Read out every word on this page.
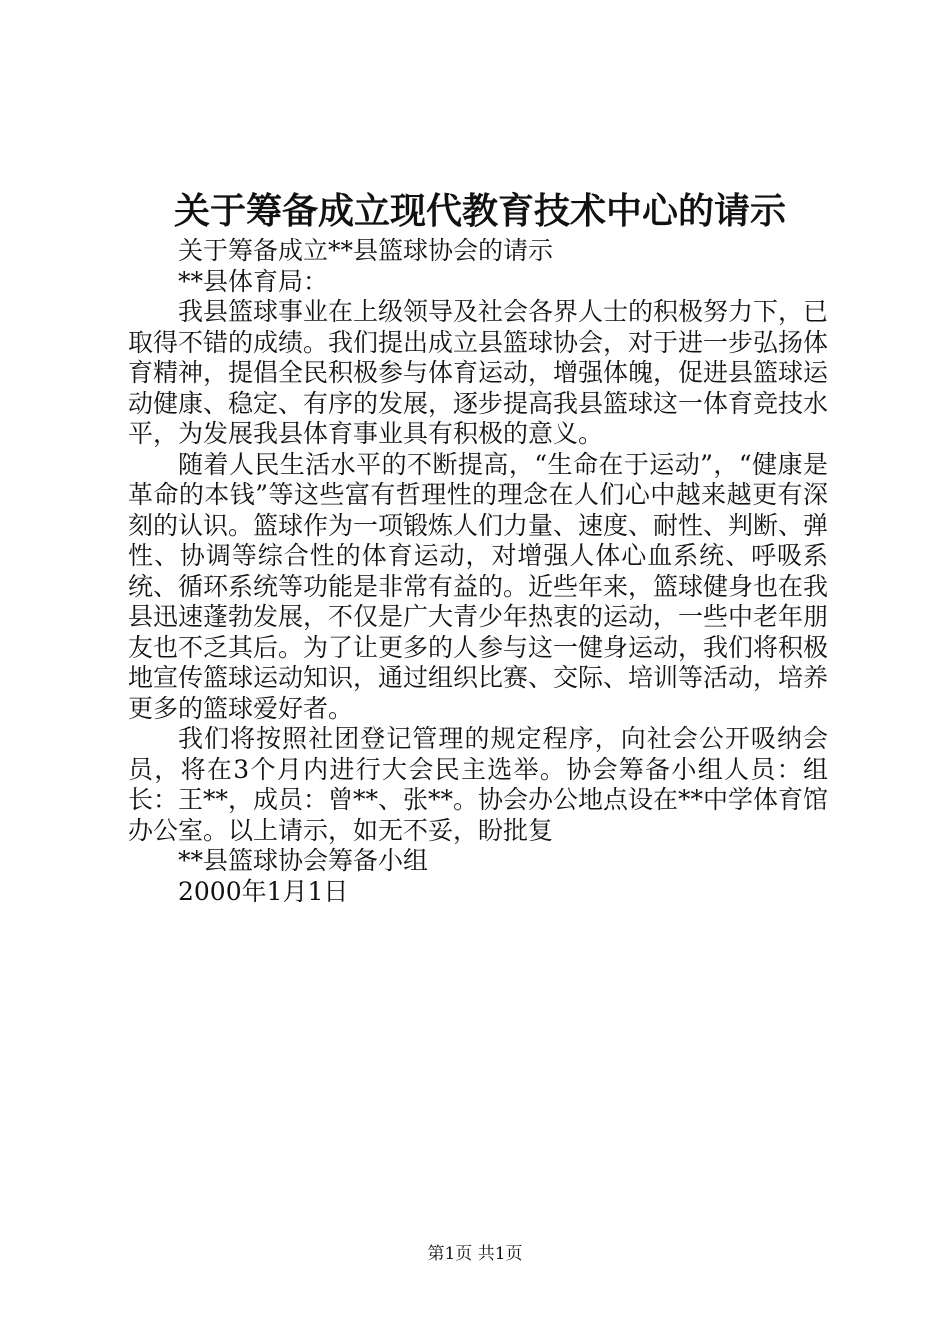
关于筹备成立现代教育技术中心的请示

关于筹备成立**县篮球协会的请示

**县体育局：

我县篮球事业在上级领导及社会各界人士的积极努力下，已取得不错的成绩。我们提出成立县篮球协会，对于进一步弘扬体育精神，提倡全民积极参与体育运动，增强体魄，促进县篮球运动健康、稳定、有序的发展，逐步提高我县篮球这一体育竞技水平，为发展我县体育事业具有积极的意义。

随着人民生活水平的不断提高，“生命在于运动”，“健康是革命的本钱”等这些富有哲理性的理念在人们心中越来越更有深刻的认识。篮球作为一项锻炼人们力量、速度、耐性、判断、弹性、协调等综合性的体育运动，对增强人体心血系统、呼吸系统、循环系统等功能是非常有益的。近些年来，篮球健身也在我县迅速蓬勃发展，不仅是广大青少年热衷的运动，一些中老年朋友也不乏其后。为了让更多的人参与这一健身运动，我们将积极地宣传篮球运动知识，通过组织比赛、交际、培训等活动，培养更多的篮球爱好者。

我们将按照社团登记管理的规定程序，向社会公开吸纳会员，将在3个月内进行大会民主选举。协会筹备小组人员：组长：王**，成员：曾**、张**。协会办公地点设在**中学体育馆办公室。以上请示，如无不妥，盼批复

**县篮球协会筹备小组

2000年1月1日

第1页 共1页
